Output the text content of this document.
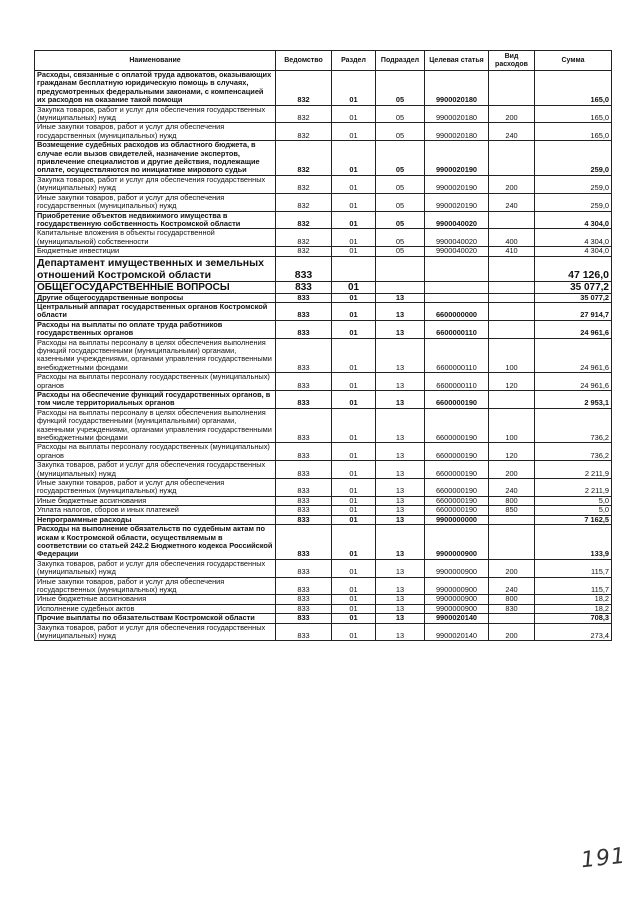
Наименование	Ведомство	Раздел	Подраздел	Целевая статья	Вид расходов	Сумма
Расходы, связанные с оплатой труда адвокатов, оказывающих гражданам бесплатную юридическую помощь в случаях, предусмотренных федеральными законами, с компенсацией их расходов на оказание такой помощи	832	01	05	9900020180		165,0
Закупка товаров, работ и услуг для обеспечения государственных (муниципальных) нужд	832	01	05	9900020180	200	165,0
Иные закупки товаров, работ и услуг для обеспечения государственных (муниципальных) нужд	832	01	05	9900020180	240	165,0
Возмещение судебных расходов из областного бюджета, в случае если вызов свидетелей, назначение экспертов, привлечение специалистов и другие действия, подлежащие оплате, осуществляются по инициативе мирового судьи	832	01	05	9900020190		259,0
Закупка товаров, работ и услуг для обеспечения государственных (муниципальных) нужд	832	01	05	9900020190	200	259,0
Иные закупки товаров, работ и услуг для обеспечения государственных (муниципальных) нужд	832	01	05	9900020190	240	259,0
Приобретение объектов недвижимого имущества в государственную собственность Костромской области	832	01	05	9900040020		4 304,0
Капитальные вложения в объекты государственной (муниципальной) собственности	832	01	05	9900040020	400	4 304,0
Бюджетные инвестиции	832	01	05	9900040020	410	4 304,0
Департамент имущественных и земельных отношений Костромской области	833					47 126,0
ОБЩЕГОСУДАРСТВЕННЫЕ ВОПРОСЫ	833	01				35 077,2
Другие общегосударственные вопросы	833	01	13			35 077,2
Центральный аппарат государственных органов Костромской области	833	01	13	6600000000		27 914,7
Расходы на выплаты по оплате труда работников государственных органов	833	01	13	6600000110		24 961,6
Расходы на выплаты персоналу в целях обеспечения выполнения функций государственными (муниципальными) органами, казенными учреждениями, органами управления государственными внебюджетными фондами	833	01	13	6600000110	100	24 961,6
Расходы на выплаты персоналу государственных (муниципальных) органов	833	01	13	6600000110	120	24 961,6
Расходы на обеспечение функций государственных органов, в том числе территориальных органов	833	01	13	6600000190		2 953,1
Расходы на выплаты персоналу в целях обеспечения выполнения функций государственными (муниципальными) органами, казенными учреждениями, органами управления государственными внебюджетными фондами	833	01	13	6600000190	100	736,2
Расходы на выплаты персоналу государственных (муниципальных) органов	833	01	13	6600000190	120	736,2
Закупка товаров, работ и услуг для обеспечения государственных (муниципальных) нужд	833	01	13	6600000190	200	2 211,9
Иные закупки товаров, работ и услуг для обеспечения государственных (муниципальных) нужд	833	01	13	6600000190	240	2 211,9
Иные бюджетные ассигнования	833	01	13	6600000190	800	5,0
Уплата налогов, сборов и иных платежей	833	01	13	6600000190	850	5,0
Непрограммные расходы	833	01	13	9900000000		7 162,5
Расходы на выполнение обязательств по судебным актам по искам к Костромской области, осуществляемым в соответствии со статьей 242.2 Бюджетного кодекса Российской Федерации	833	01	13	9900000900		133,9
Закупка товаров, работ и услуг для обеспечения государственных (муниципальных) нужд	833	01	13	9900000900	200	115,7
Иные закупки товаров, работ и услуг для обеспечения государственных (муниципальных) нужд	833	01	13	9900000900	240	115,7
Иные бюджетные ассигнования	833	01	13	9900000900	800	18,2
Исполнение судебных актов	833	01	13	9900000900	830	18,2
Прочие выплаты по обязательствам Костромской области	833	01	13	9900020140		708,3
Закупка товаров, работ и услуг для обеспечения государственных (муниципальных) нужд	833	01	13	9900020140	200	273,4
191
